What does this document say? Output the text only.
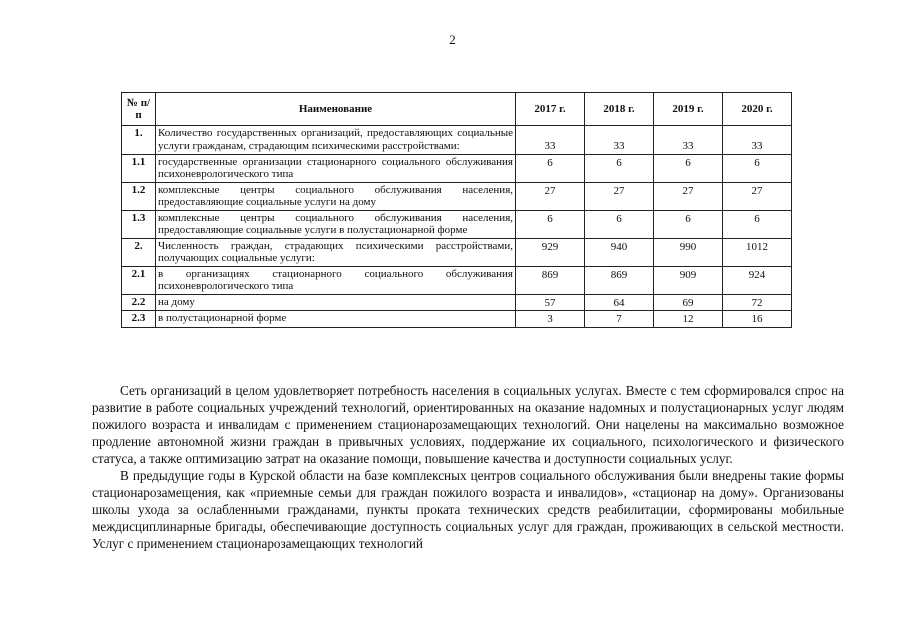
2
№ п/п	Наименование	2017 г.	2018 г.	2019 г.	2020 г.
1.	Количество государственных организаций, предоставляющих социальные услуги гражданам, страдающим психическими расстройствами:	33	33	33	33
1.1	государственные организации стационарного социального обслуживания психоневрологического типа	6	6	6	6
1.2	комплексные центры социального обслуживания населения, предоставляющие социальные услуги на дому	27	27	27	27
1.3	комплексные центры социального обслуживания населения, предоставляющие социальные услуги в полустационарной форме	6	6	6	6
2.	Численность граждан, страдающих психическими расстройствами, получающих социальные услуги:	929	940	990	1012
2.1	в организациях стационарного социального обслуживания психоневрологического типа	869	869	909	924
2.2	на дому	57	64	69	72
2.3	в полустационарной форме	3	7	12	16

Сеть организаций в целом удовлетворяет потребность населения в социальных услугах. Вместе с тем сформировался спрос на развитие в работе социальных учреждений технологий, ориентированных на оказание надомных и полустационарных услуг людям пожилого возраста и инвалидам с применением стационарозамещающих технологий. Они нацелены на максимально возможное продление автономной жизни граждан в привычных условиях, поддержание их социального, психологического и физического статуса, а также оптимизацию затрат на оказание помощи, повышение качества и доступности социальных услуг.

В предыдущие годы в Курской области на базе комплексных центров социального обслуживания были внедрены такие формы стационарозамещения, как «приемные семьи для граждан пожилого возраста и инвалидов», «стационар на дому». Организованы школы ухода за ослабленными гражданами, пункты проката технических средств реабилитации, сформированы мобильные междисциплинарные бригады, обеспечивающие доступность социальных услуг для граждан, проживающих в сельской местности. Услуг с применением стационарозамещающих технологий
